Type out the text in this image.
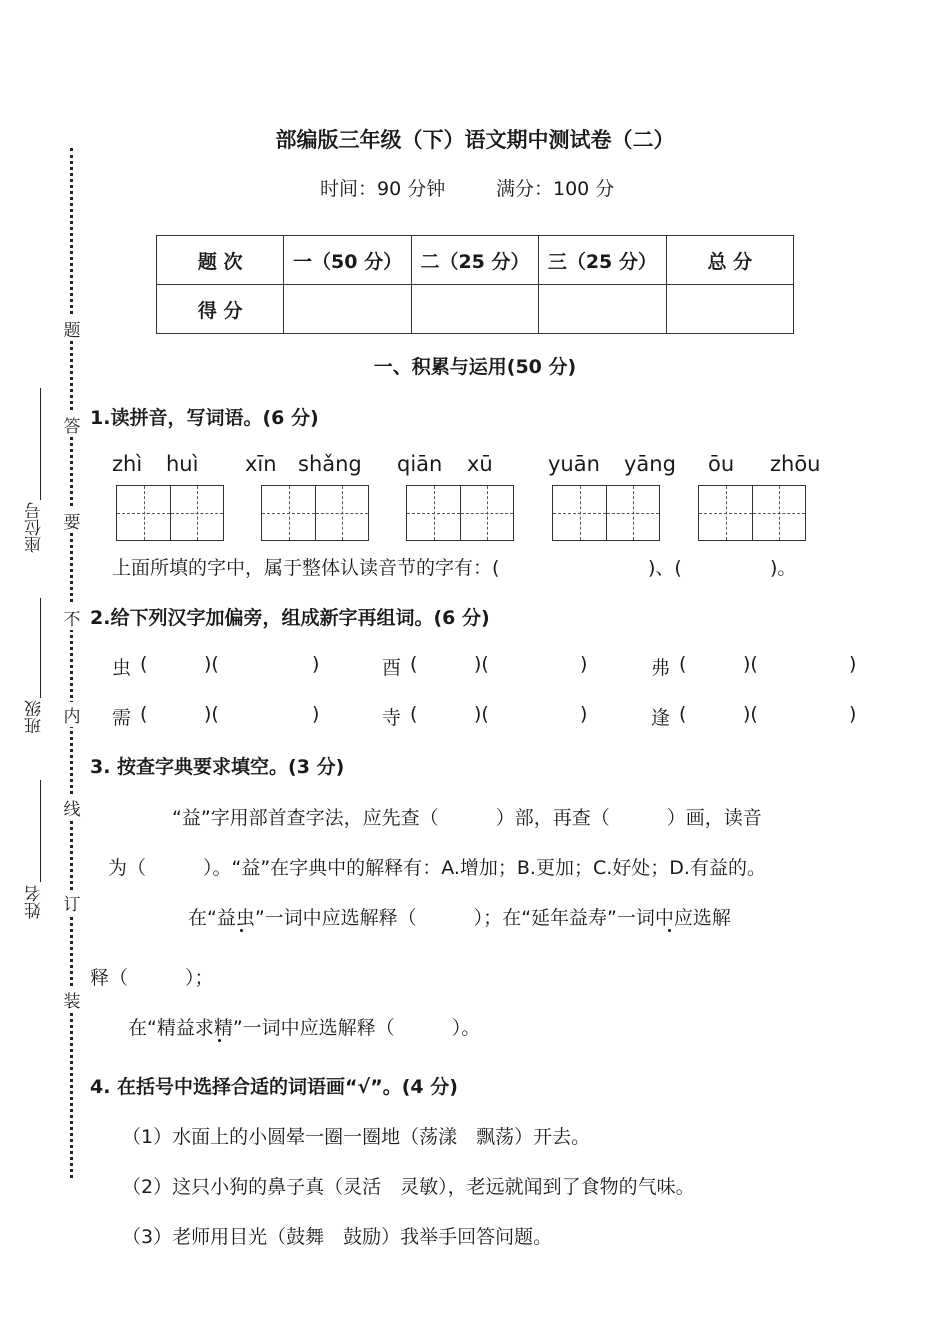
题
答
要
不
内
线
订
装
座位号
班级
姓名
部编版三年级（下）语文期中测试卷（二）
时间：90 分钟	满分：100 分
题 次	一（50 分）	二（25 分）	三（25 分）	总 分
得 分				
一、积累与运用(50 分)
1.读拼音，写词语。(6 分)
zhì huì xīn shǎng qiān xū	yuān yāng ōu zhōu
上面所填的字中，属于整体认读音节的字有：(	)、(	)。
2.给下列汉字加偏旁，组成新字再组词。(6 分)
虫 (	)(	)	酉 (	)(	)	弗 (	)(	)
需 (	)(	)	寺 (	)(	)	逢 (	)(	)
3. 按查字典要求填空。(3 分)
“益”字用部首查字法，应先查（　　　）部，再查（　　　）画，读音
为（　　　）。“益”在字典中的解释有：A.增加；B.更加；C.好处；D.有益的。
在“益虫”一词中应选解释（　　　）；在“延年益寿”一词中应选解
释（　　　）；
在“精益求精”一词中应选解释（　　　）。
4. 在括号中选择合适的词语画“√”。(4 分)
（1）水面上的小圆晕一圈一圈地（荡漾　飘荡）开去。
（2）这只小狗的鼻子真（灵活　灵敏），老远就闻到了食物的气味。
（3）老师用目光（鼓舞　鼓励）我举手回答问题。
